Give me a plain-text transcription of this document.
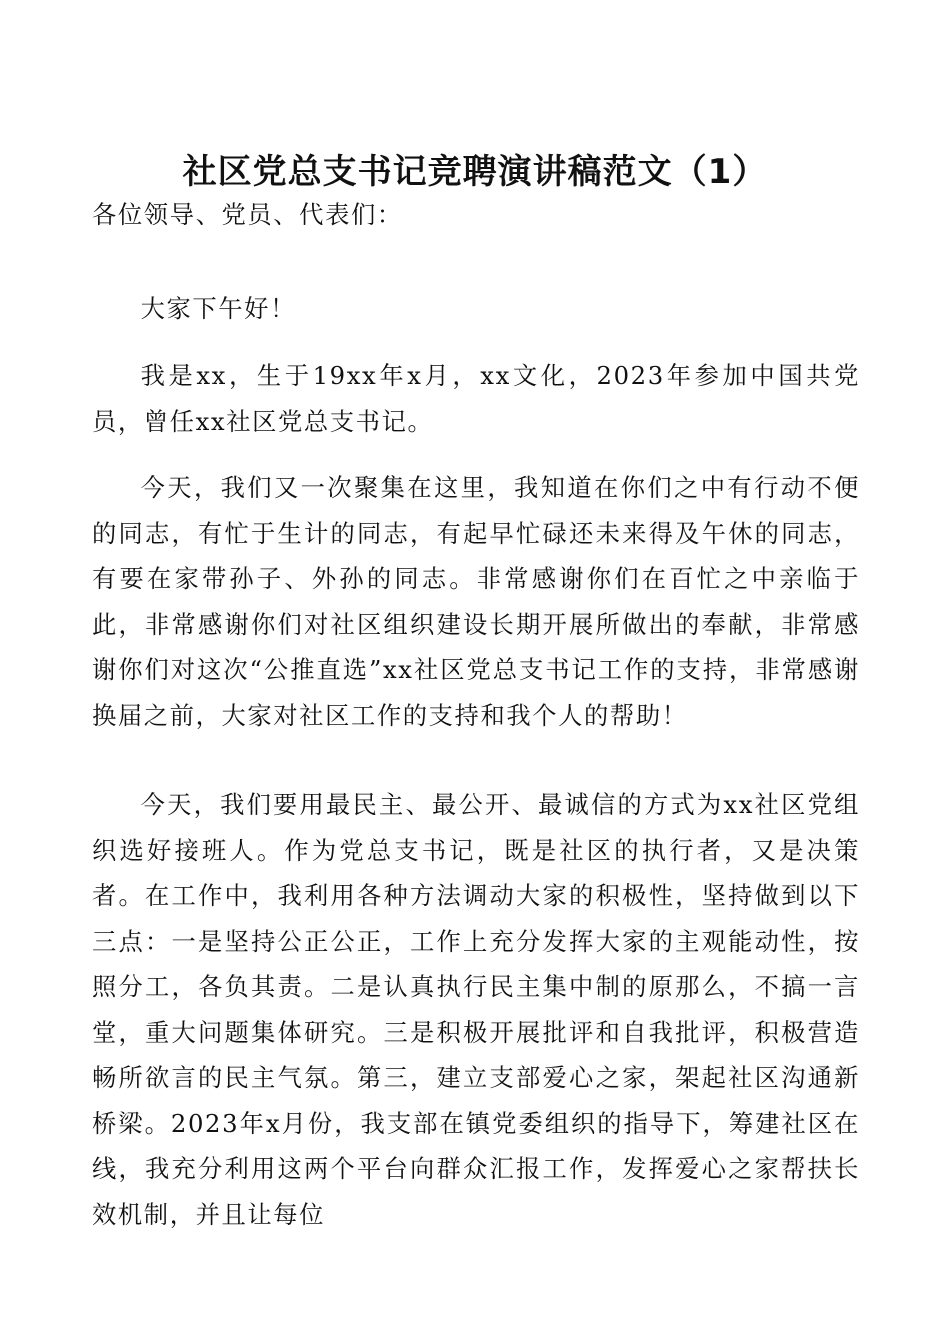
社区党总支书记竞聘演讲稿范文（1）

各位领导、党员、代表们：

大家下午好！

我是xx，生于19xx年x月，xx文化，2023年参加中国共党员，曾任xx社区党总支书记。

今天，我们又一次聚集在这里，我知道在你们之中有行动不便的同志，有忙于生计的同志，有起早忙碌还未来得及午休的同志，有要在家带孙子、外孙的同志。非常感谢你们在百忙之中亲临于此，非常感谢你们对社区组织建设长期开展所做出的奉献，非常感谢你们对这次“公推直选”xx社区党总支书记工作的支持，非常感谢换届之前，大家对社区工作的支持和我个人的帮助！

今天，我们要用最民主、最公开、最诚信的方式为xx社区党组织选好接班人。作为党总支书记，既是社区的执行者，又是决策者。在工作中，我利用各种方法调动大家的积极性，坚持做到以下三点：一是坚持公正公正，工作上充分发挥大家的主观能动性，按照分工，各负其责。二是认真执行民主集中制的原那么，不搞一言堂，重大问题集体研究。三是积极开展批评和自我批评，积极营造畅所欲言的民主气氛。第三，建立支部爱心之家，架起社区沟通新桥梁。2023年x月份，我支部在镇党委组织的指导下，筹建社区在线，我充分利用这两个平台向群众汇报工作，发挥爱心之家帮扶长效机制，并且让每位
